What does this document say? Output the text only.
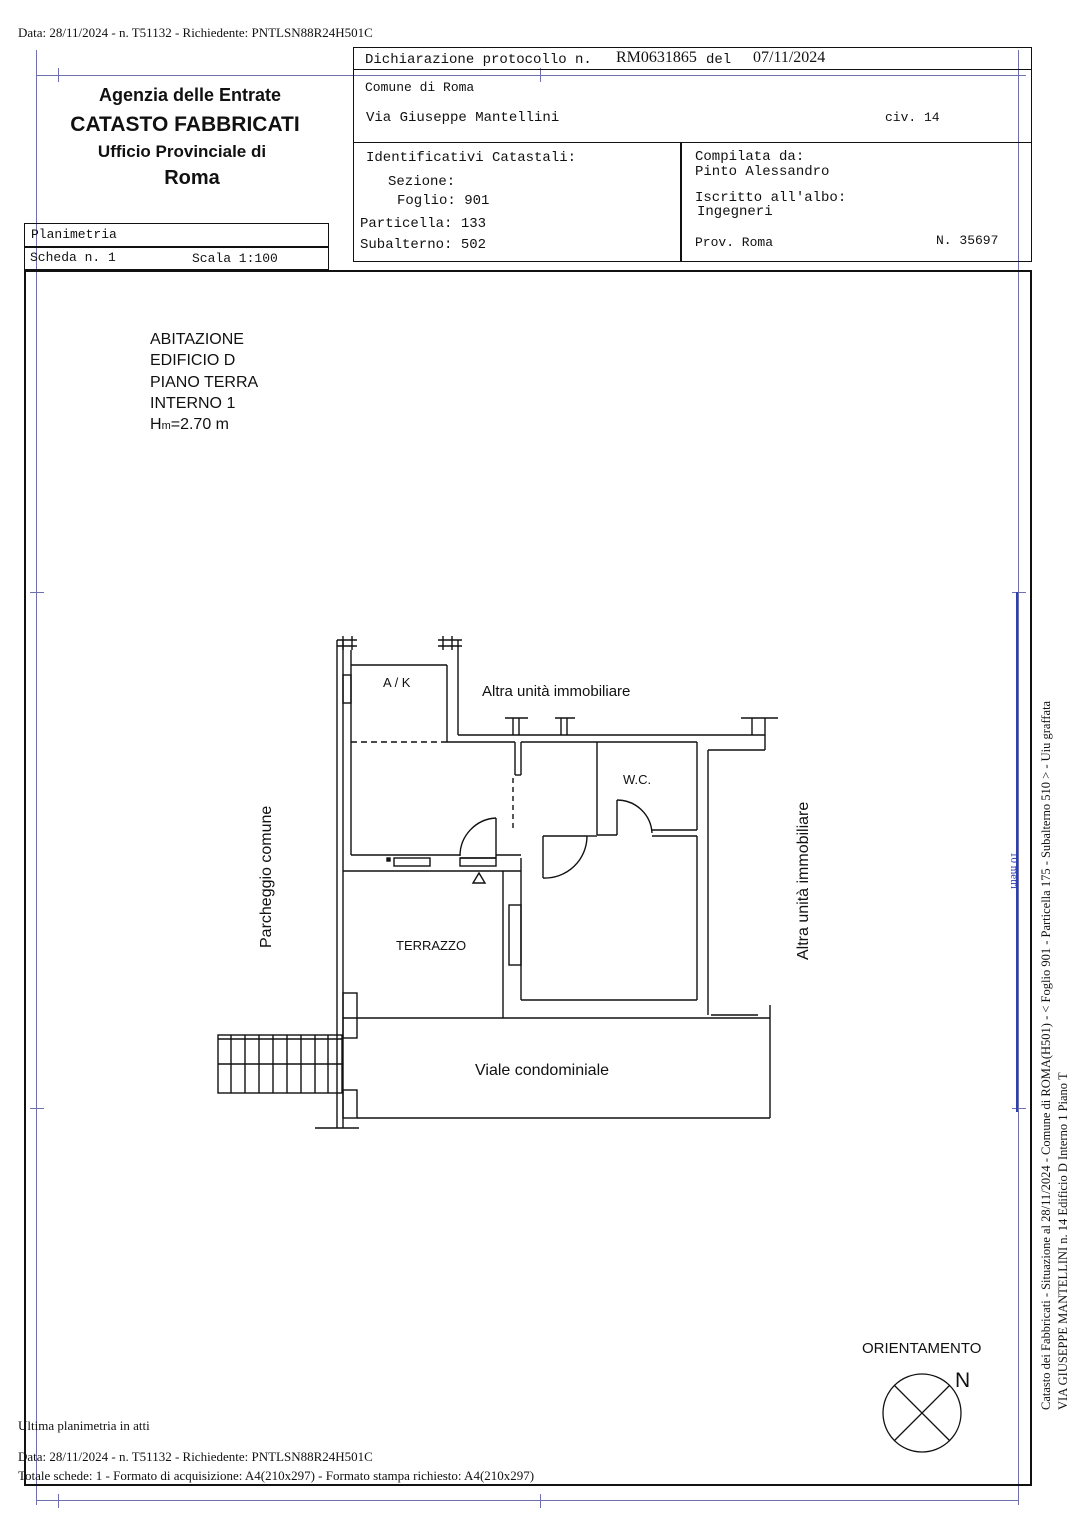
Data: 28/11/2024 - n. T51132 - Richiedente: PNTLSN88R24H501C
10 metri
Agenzia delle Entrate
CATASTO FABBRICATI
Ufficio Provinciale di
Roma
Planimetria
Scheda n. 1	Scala 1:100
Dichiarazione protocollo n. RM0631865 del 07/11/2024
Comune di Roma
Via Giuseppe Mantellini	civ. 14
Identificativi Catastali:
Sezione:
Foglio: 901
Particella: 133
Subalterno: 502
Compilata da:
Pinto Alessandro
Iscritto all'albo:
Ingegneri
Prov. Roma	N. 35697
ABITAZIONE
EDIFICIO D
PIANO TERRA
INTERNO 1
Hm=2.70 m
A / K
Altra unità immobiliare
W.C.
TERRAZZO
Viale condominiale
Parcheggio comune	Altra unità immobiliare
ORIENTAMENTO
N	Catasto dei Fabbricati - Situazione al 28/11/2024 - Comune di ROMA(H501) - < Foglio 901 - Particella 175 - Subalterno 510 > - Uiu graffata VIA GIUSEPPE MANTELLINI n. 14 Edificio D Interno 1 Piano T
Ultima planimetria in atti
Data: 28/11/2024 - n. T51132 - Richiedente: PNTLSN88R24H501C
Totale schede: 1 - Formato di acquisizione: A4(210x297) - Formato stampa richiesto: A4(210x297)
